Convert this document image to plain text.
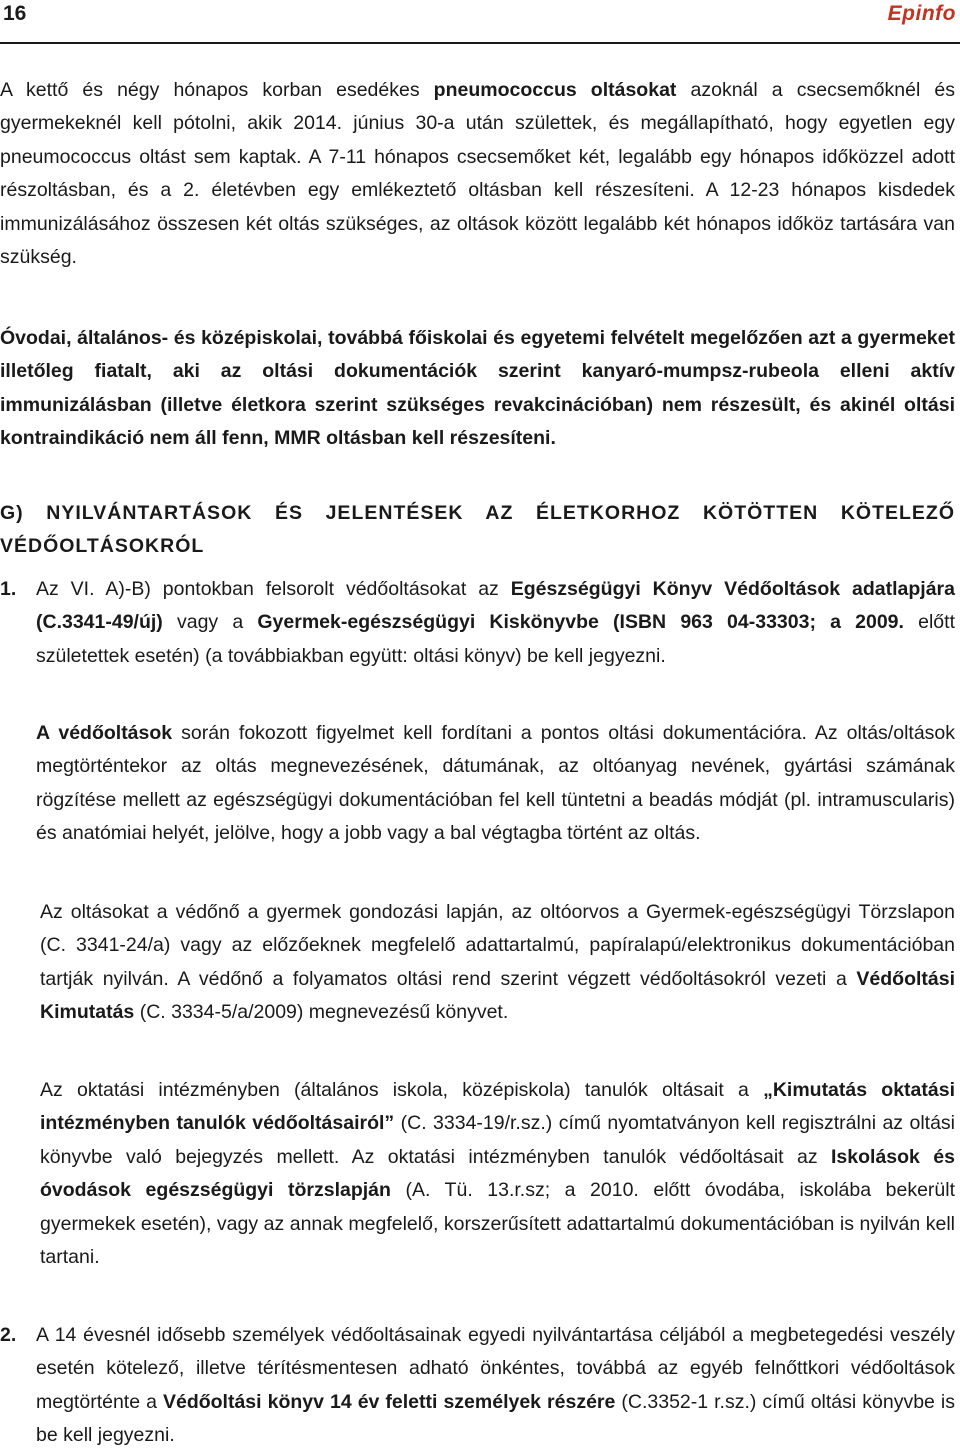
16	Epinfo

A kettő és négy hónapos korban esedékes pneumococcus oltásokat azoknál a csecsemőknél és gyermekeknél kell pótolni, akik 2014. június 30-a után születtek, és megállapítható, hogy egyetlen egy pneumococcus oltást sem kaptak. A 7-11 hónapos csecsemőket két, legalább egy hónapos időközzel adott részoltásban, és a 2. életévben egy emlékeztető oltásban kell részesíteni. A 12-23 hónapos kisdedek immunizálásához összesen két oltás szükséges, az oltások között legalább két hónapos időköz tartására van szükség.

Óvodai, általános- és középiskolai, továbbá főiskolai és egyetemi felvételt megelőzően azt a gyermeket illetőleg fiatalt, aki az oltási dokumentációk szerint kanyaró-mumpsz-rubeola elleni aktív immunizálásban (illetve életkora szerint szükséges revakcinációban) nem részesült, és akinél oltási kontraindikáció nem áll fenn, MMR oltásban kell részesíteni.

G) NYILVÁNTARTÁSOK ÉS JELENTÉSEK AZ ÉLETKORHOZ KÖTÖTTEN KÖTELEZŐ VÉDŐOLTÁSOKRÓL

1. Az VI. A)-B) pontokban felsorolt védőoltásokat az Egészségügyi Könyv Védőoltások adatlapjára (C.3341-49/új) vagy a Gyermek-egészségügyi Kiskönyvbe (ISBN 963 04-33303; a 2009. előtt születettek esetén) (a továbbiakban együtt: oltási könyv) be kell jegyezni.

A védőoltások során fokozott figyelmet kell fordítani a pontos oltási dokumentációra. Az oltás/oltások megtörténtekor az oltás megnevezésének, dátumának, az oltóanyag nevének, gyártási számának rögzítése mellett az egészségügyi dokumentációban fel kell tüntetni a beadás módját (pl. intramuscularis) és anatómiai helyét, jelölve, hogy a jobb vagy a bal végtagba történt az oltás.

Az oltásokat a védőnő a gyermek gondozási lapján, az oltóorvos a Gyermek-egészségügyi Törzslapon (C. 3341-24/a) vagy az előzőeknek megfelelő adattartalmú, papíralapú/elektronikus dokumentációban tartják nyilván. A védőnő a folyamatos oltási rend szerint végzett védőoltásokról vezeti a Védőoltási Kimutatás (C. 3334-5/a/2009) megnevezésű könyvet.

Az oktatási intézményben (általános iskola, középiskola) tanulók oltásait a „Kimutatás oktatási intézményben tanulók védőoltásairól” (C. 3334-19/r.sz.) című nyomtatványon kell regisztrálni az oltási könyvbe való bejegyzés mellett. Az oktatási intézményben tanulók védőoltásait az Iskolások és óvodások egészségügyi törzslapján (A. Tü. 13.r.sz; a 2010. előtt óvodába, iskolába bekerült gyermekek esetén), vagy az annak megfelelő, korszerűsített adattartalmú dokumentációban is nyilván kell tartani.

2. A 14 évesnél idősebb személyek védőoltásainak egyedi nyilvántartása céljából a megbetegedési veszély esetén kötelező, illetve térítésmentesen adható önkéntes, továbbá az egyéb felnőttkori védőoltások megtörténte a Védőoltási könyv 14 év feletti személyek részére (C.3352-1 r.sz.) című oltási könyvbe is be kell jegyezni.
